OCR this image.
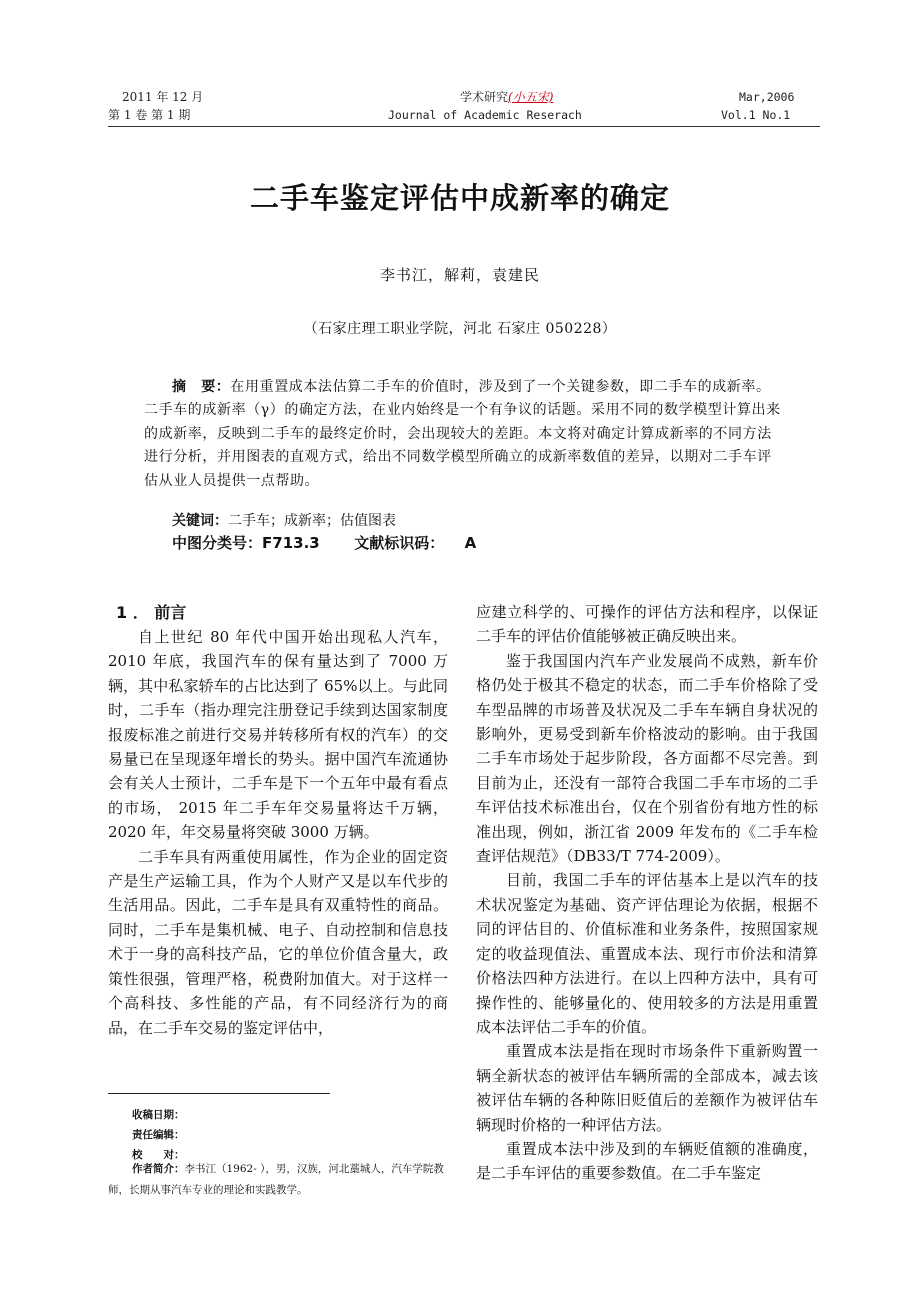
2011 年 12 月
第 1 卷 第 1 期
学术研究(小五宋)
Journal of Academic Reserach
Mar,2006
Vol.1 No.1
二手车鉴定评估中成新率的确定
李书江，解莉，袁建民
（石家庄理工职业学院，河北 石家庄 050228）
摘　要：在用重置成本法估算二手车的价值时，涉及到了一个关键参数，即二手车的成新率。二手车的成新率（γ）的确定方法，在业内始终是一个有争议的话题。采用不同的数学模型计算出来的成新率，反映到二手车的最终定价时，会出现较大的差距。本文将对确定计算成新率的不同方法进行分析，并用图表的直观方式，给出不同数学模型所确立的成新率数值的差异，以期对二手车评估从业人员提供一点帮助。
关键词：二手车；成新率；估值图表
中图分类号：F713.3 文献标识码： A
1 ． 前言

自上世纪 80 年代中国开始出现私人汽车，2010 年底，我国汽车的保有量达到了 7000 万辆，其中私家轿车的占比达到了 65%以上。与此同时，二手车（指办理完注册登记手续到达国家制度报废标准之前进行交易并转移所有权的汽车）的交易量已在呈现逐年增长的势头。据中国汽车流通协会有关人士预计，二手车是下一个五年中最有看点的市场， 2015 年二手车年交易量将达千万辆，2020 年，年交易量将突破 3000 万辆。

二手车具有两重使用属性，作为企业的固定资产是生产运输工具，作为个人财产又是以车代步的生活用品。因此，二手车是具有双重特性的商品。同时，二手车是集机械、电子、自动控制和信息技术于一身的高科技产品，它的单位价值含量大，政策性很强，管理严格，税费附加值大。对于这样一个高科技、多性能的产品，有不同经济行为的商品，在二手车交易的鉴定评估中，

应建立科学的、可操作的评估方法和程序，以保证二手车的评估价值能够被正确反映出来。

鉴于我国国内汽车产业发展尚不成熟，新车价格仍处于极其不稳定的状态，而二手车价格除了受车型品牌的市场普及状况及二手车车辆自身状况的影响外，更易受到新车价格波动的影响。由于我国二手车市场处于起步阶段，各方面都不尽完善。到目前为止，还没有一部符合我国二手车市场的二手车评估技术标准出台，仅在个别省份有地方性的标准出现，例如，浙江省 2009 年发布的《二手车检查评估规范》（DB33/T 774-2009）。

目前，我国二手车的评估基本上是以汽车的技术状况鉴定为基础、资产评估理论为依据，根据不同的评估目的、价值标准和业务条件，按照国家规定的收益现值法、重置成本法、现行市价法和清算价格法四种方法进行。在以上四种方法中，具有可操作性的、能够量化的、使用较多的方法是用重置成本法评估二手车的价值。

重置成本法是指在现时市场条件下重新购置一辆全新状态的被评估车辆所需的全部成本，减去该被评估车辆的各种陈旧贬值后的差额作为被评估车辆现时价格的一种评估方法。

重置成本法中涉及到的车辆贬值额的准确度，是二手车评估的重要参数值。在二手车鉴定

收稿日期：
责任编辑：
校　　对：
作者简介：李书江（1962- ），男，汉族，河北藁城人，汽车学院教师，长期从事汽车专业的理论和实践教学。
